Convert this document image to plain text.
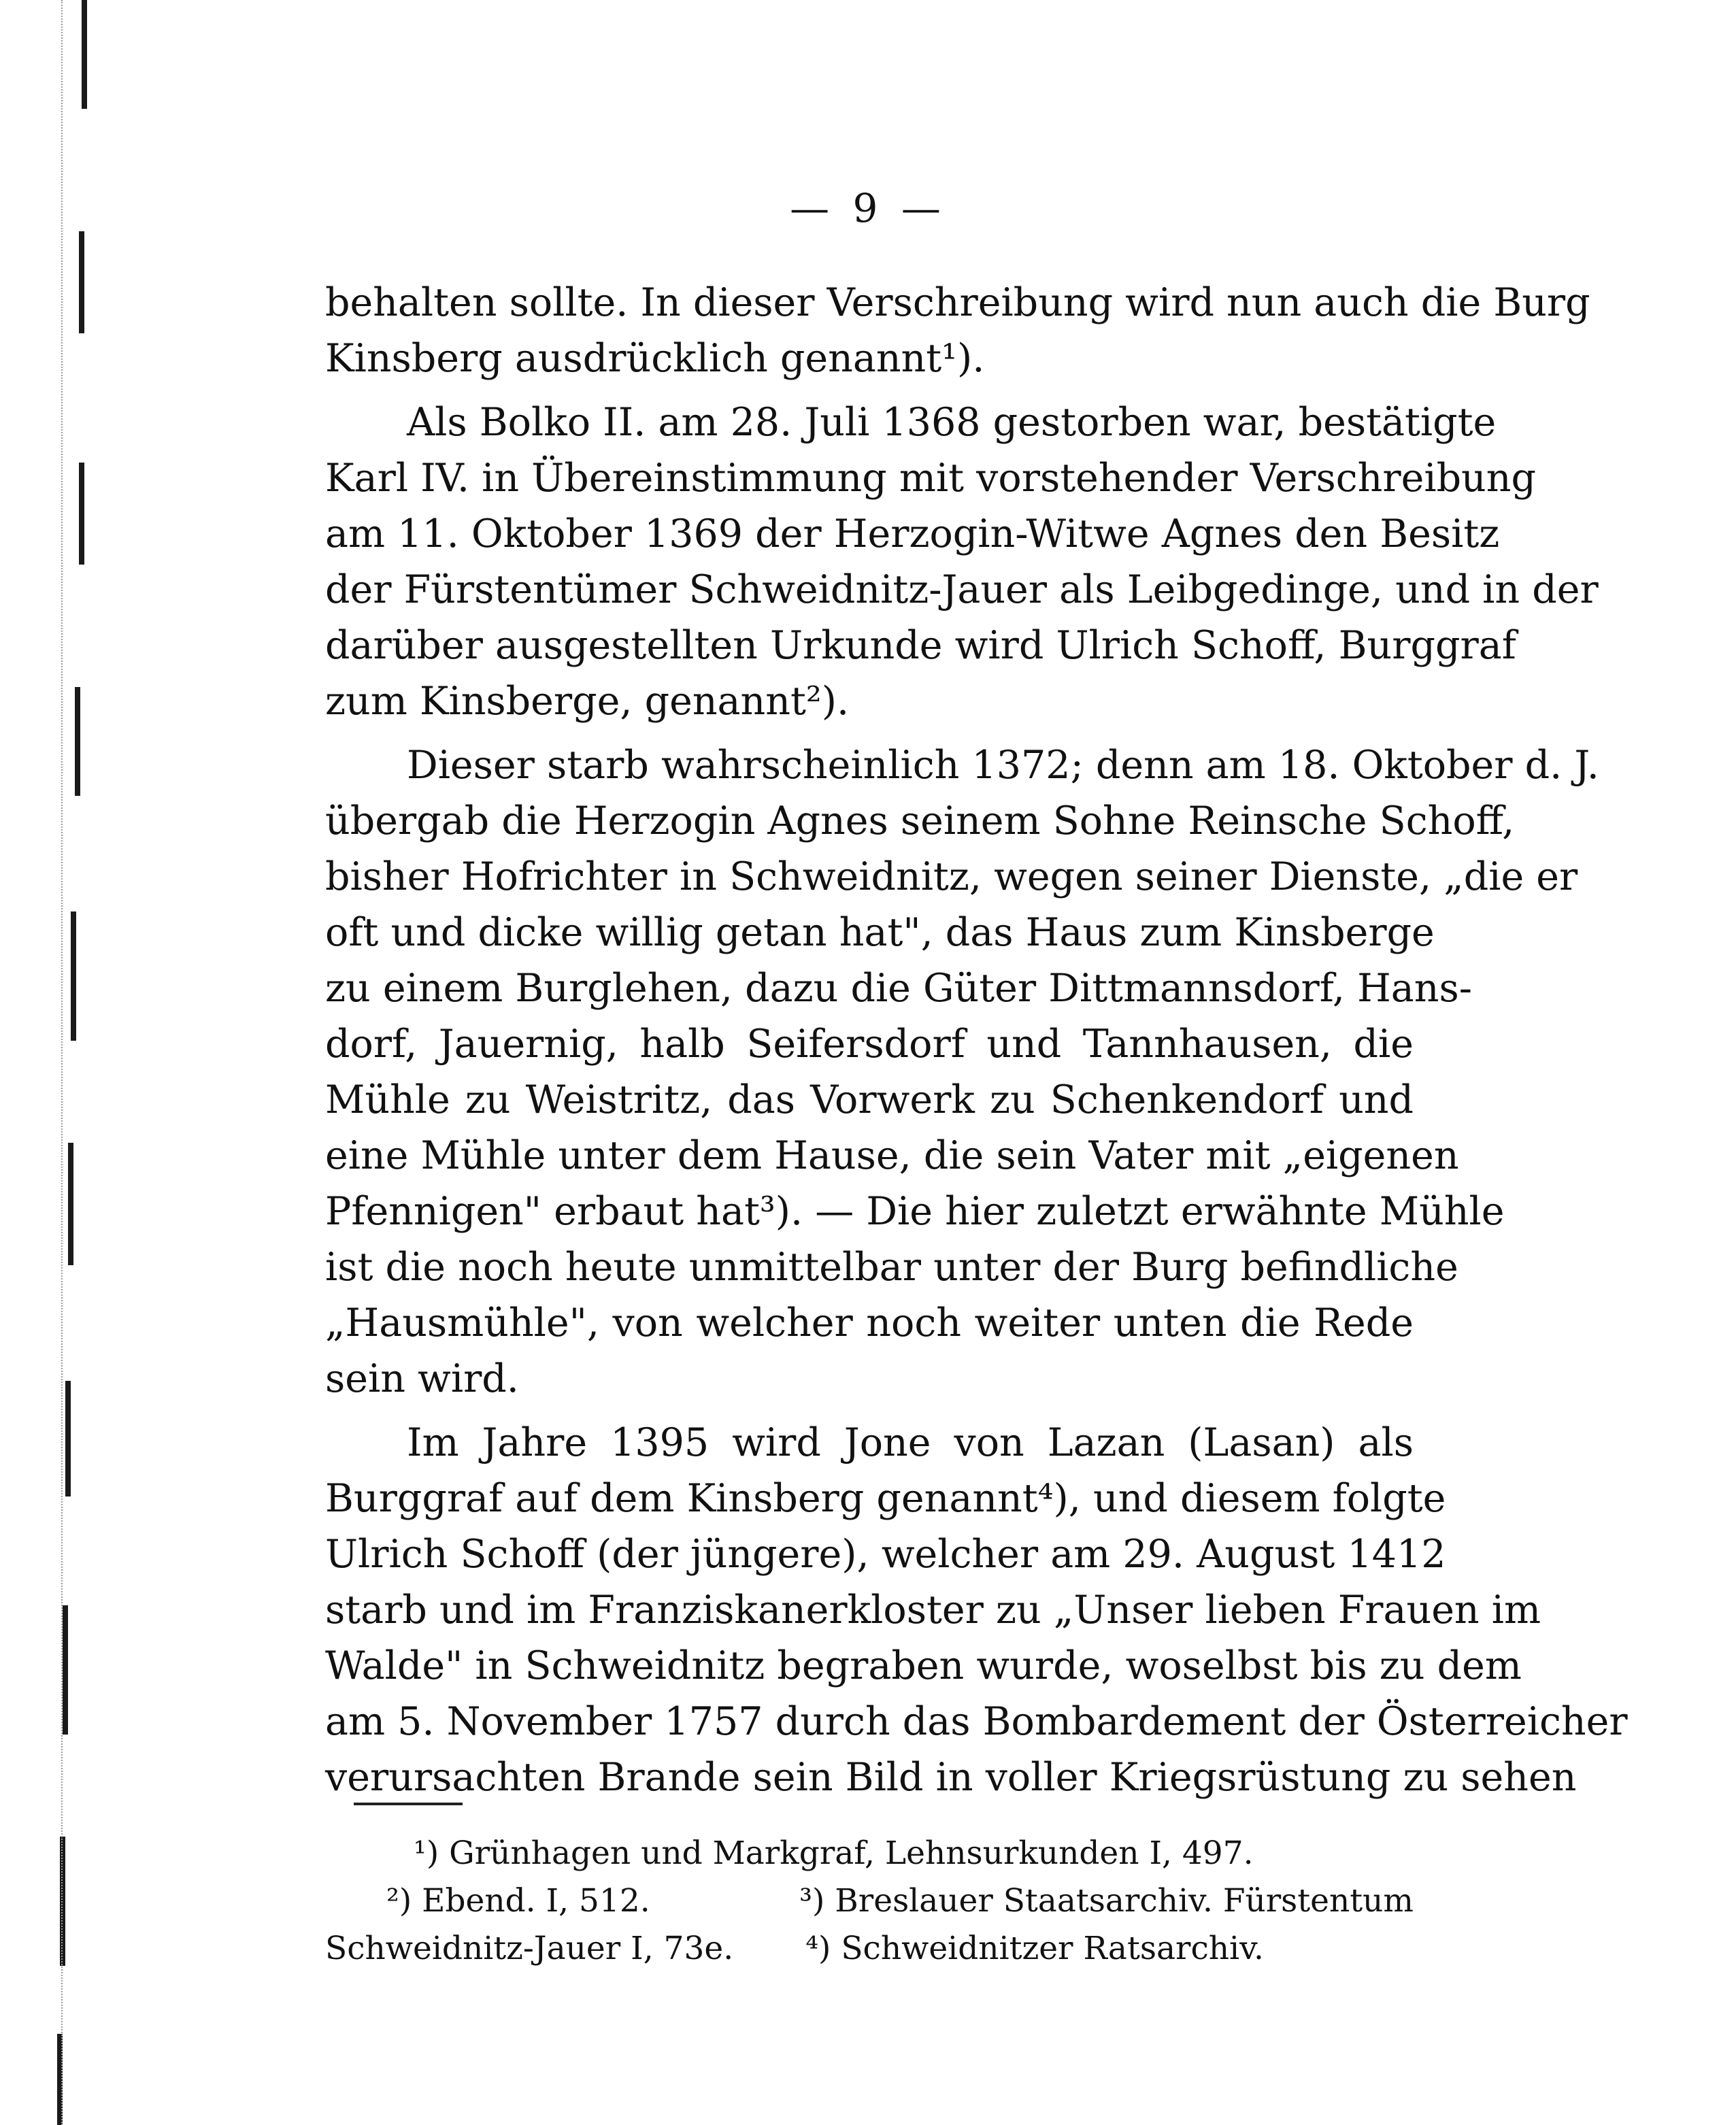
— 9 —
behalten sollte. In dieser Verschreibung wird nun auch die Burg
Kinsberg ausdrücklich genannt¹).
Als Bolko II. am 28. Juli 1368 gestorben war, bestätigte
Karl IV. in Übereinstimmung mit vorstehender Verschreibung
am 11. Oktober 1369 der Herzogin-Witwe Agnes den Besitz
der Fürstentümer Schweidnitz-Jauer als Leibgedinge, und in der
darüber ausgestellten Urkunde wird Ulrich Schoff, Burggraf
zum Kinsberge, genannt²).
Dieser starb wahrscheinlich 1372; denn am 18. Oktober d. J.
übergab die Herzogin Agnes seinem Sohne Reinsche Schoff,
bisher Hofrichter in Schweidnitz, wegen seiner Dienste, „die er
oft und dicke willig getan hat", das Haus zum Kinsberge
zu einem Burglehen, dazu die Güter Dittmannsdorf, Hans-
dorf, Jauernig, halb Seifersdorf und Tannhausen, die
Mühle zu Weistritz, das Vorwerk zu Schenkendorf und
eine Mühle unter dem Hause, die sein Vater mit „eigenen
Pfennigen" erbaut hat³). — Die hier zuletzt erwähnte Mühle
ist die noch heute unmittelbar unter der Burg befindliche
„Hausmühle", von welcher noch weiter unten die Rede
sein wird.
Im Jahre 1395 wird Jone von Lazan (Lasan) als
Burggraf auf dem Kinsberg genannt⁴), und diesem folgte
Ulrich Schoff (der jüngere), welcher am 29. August 1412
starb und im Franziskanerkloster zu „Unser lieben Frauen im
Walde" in Schweidnitz begraben wurde, woselbst bis zu dem
am 5. November 1757 durch das Bombardement der Österreicher
verursachten Brande sein Bild in voller Kriegsrüstung zu sehen
¹) Grünhagen und Markgraf, Lehnsurkunden I, 497.
²) Ebend. I, 512.	³) Breslauer Staatsarchiv. Fürstentum
Schweidnitz-Jauer I, 73e. ⁴) Schweidnitzer Ratsarchiv.
